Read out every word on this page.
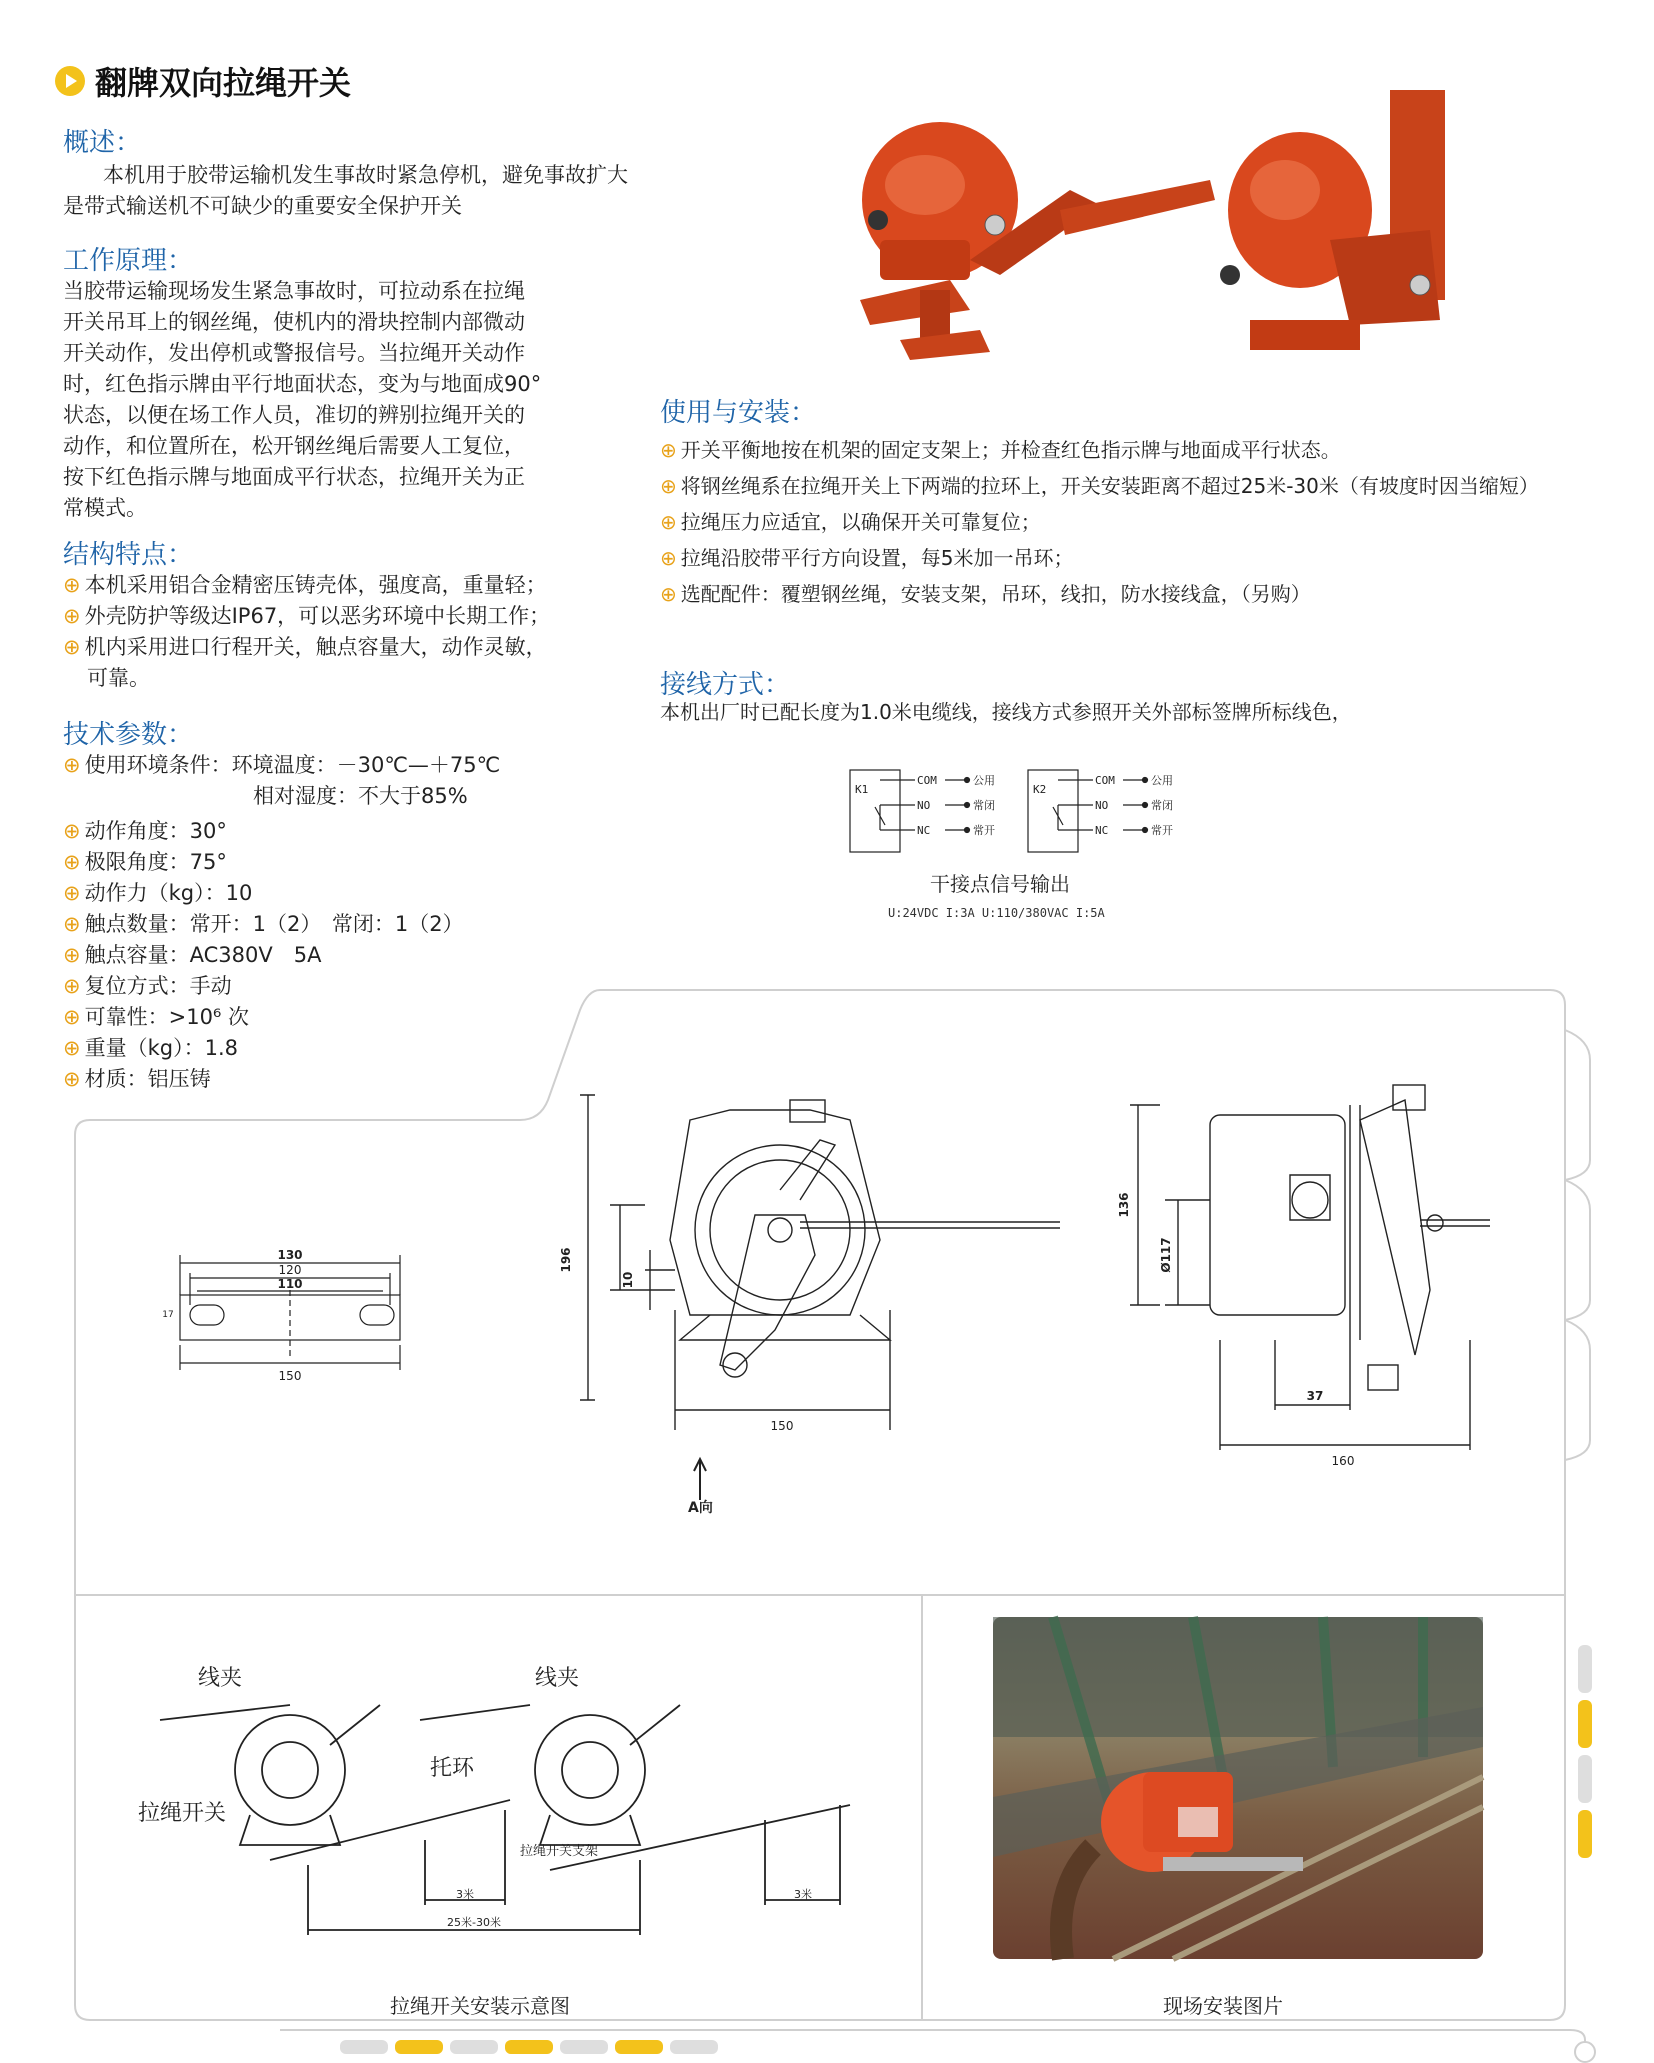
翻牌双向拉绳开关
概述：
本机用于胶带运输机发生事故时紧急停机，避免事故扩大
是带式输送机不可缺少的重要安全保护开关
工作原理：
当胶带运输现场发生紧急事故时，可拉动系在拉绳
开关吊耳上的钢丝绳，使机内的滑块控制内部微动
开关动作，发出停机或警报信号。当拉绳开关动作
时，红色指示牌由平行地面状态，变为与地面成90°
状态，以便在场工作人员，准切的辨别拉绳开关的
动作，和位置所在，松开钢丝绳后需要人工复位，
按下红色指示牌与地面成平行状态，拉绳开关为正
常模式。
结构特点：
⊕ 本机采用铝合金精密压铸壳体，强度高，重量轻；
⊕ 外壳防护等级达IP67，可以恶劣环境中长期工作；
⊕ 机内采用进口行程开关，触点容量大，动作灵敏，
可靠。
技术参数：
⊕ 使用环境条件：环境温度：－30℃—＋75℃
相对湿度：不大于85%
⊕ 动作角度：30°
⊕ 极限角度：75°
⊕ 动作力（kg）：10
⊕ 触点数量：常开：1（2）　常闭：1（2）
⊕ 触点容量：AC380V　5A
⊕ 复位方式：手动
⊕ 可靠性：>10⁶ 次
⊕ 重量（kg）：1.8
⊕ 材质：铝压铸
使用与安装：
⊕ 开关平衡地按在机架的固定支架上；并检查红色指示牌与地面成平行状态。
⊕ 将钢丝绳系在拉绳开关上下两端的拉环上，开关安装距离不超过25米-30米（有坡度时因当缩短）
⊕ 拉绳压力应适宜，以确保开关可靠复位；
⊕ 拉绳沿胶带平行方向设置，每5米加一吊环；
⊕ 选配配件：覆塑钢丝绳，安装支架，吊环，线扣，防水接线盒，（另购）
接线方式：
本机出厂时已配长度为1.0米电缆线，接线方式参照开关外部标签牌所标线色，
K1
COM
NO
NC
公用
常闭
常开
K2
COM
NO
NC
公用
常闭
常开
干接点信号输出
U:24VDC I:3A U:110/380VAC I:5A
130
120
110
150
17
196
10
150
A向
136
Ø117
37
160
线夹	线夹
托环
拉绳开关
拉绳开关支架
3米	3米
25米-30米
拉绳开关安装示意图	现场安装图片
